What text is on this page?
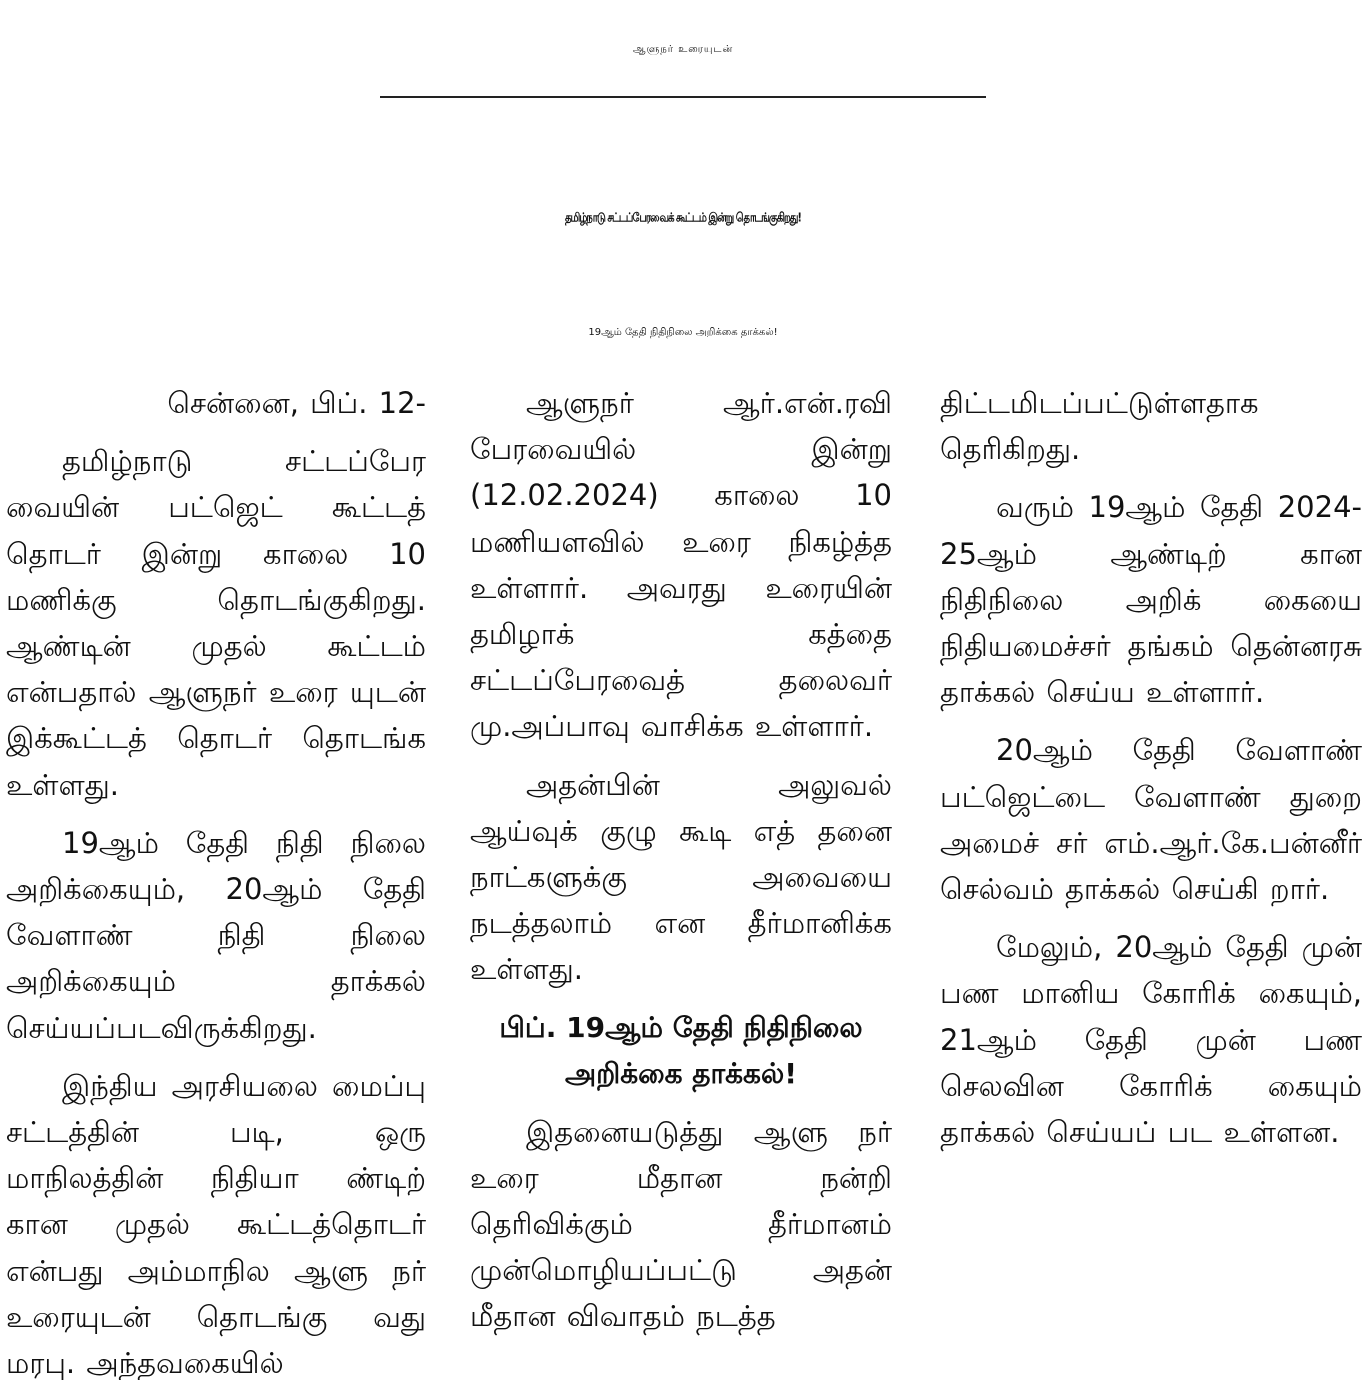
ஆளுநர் உரையுடன்
தமிழ்நாடு சட்டப்பேரவைக் கூட்டம் இன்று தொடங்குகிறது!
19ஆம் தேதி நிதிநிலை அறிக்கை தாக்கல்!

சென்னை, பிப். 12-

தமிழ்நாடு சட்டப்பேர வையின் பட்ஜெட் கூட்டத் தொடர் இன்று காலை 10 மணிக்கு தொடங்குகிறது. ஆண்டின் முதல் கூட்டம் என்பதால் ஆளுநர் உரை யுடன் இக்கூட்டத் தொடர் தொடங்க உள்ளது.

19ஆம் தேதி நிதி நிலை அறிக்கையும், 20ஆம் தேதி வேளாண் நிதி நிலை அறிக்கையும் தாக்கல் செய்யப்படவிருக்கிறது.

இந்திய அரசியலை மைப்பு சட்டத்தின் படி, ஒரு மாநிலத்தின் நிதியா ண்டிற் கான முதல் கூட்டத்தொடர் என்பது அம்மாநில ஆளு நர் உரையுடன் தொடங்கு வது மரபு. அந்தவகையில்

ஆளுநர் ஆர்.என்.ரவி பேரவையில் இன்று (12.02.2024) காலை 10 மணியளவில் உரை நிகழ்த்த உள்ளார். அவரது உரையின் தமிழாக் கத்தை சட்டப்பேரவைத் தலைவர் மு.அப்பாவு வாசிக்க உள்ளார்.

அதன்பின் அலுவல் ஆய்வுக் குழு கூடி எத் தனை நாட்களுக்கு அவையை நடத்தலாம் என தீர்மானிக்க உள்ளது.

பிப். 19ஆம் தேதி நிதிநிலை அறிக்கை தாக்கல்!

இதனையடுத்து ஆளு நர் உரை மீதான நன்றி தெரிவிக்கும் தீர்மானம் முன்மொழியப்பட்டு அதன் மீதான விவாதம் நடத்த

திட்டமிடப்பட்டுள்ளதாக தெரிகிறது.

வரும் 19ஆம் தேதி 2024-25ஆம் ஆண்டிற் கான நிதிநிலை அறிக் கையை நிதியமைச்சர் தங்கம் தென்னரசு தாக்கல் செய்ய உள்ளார்.

20ஆம் தேதி வேளாண் பட்ஜெட்டை வேளாண் துறை அமைச் சர் எம்.ஆர்.கே.பன்னீர் செல்வம் தாக்கல் செய்கி றார்.

மேலும், 20ஆம் தேதி முன் பண மானிய கோரிக் கையும், 21ஆம் தேதி முன் பண செலவின கோரிக் கையும் தாக்கல் செய்யப் பட உள்ளன.
